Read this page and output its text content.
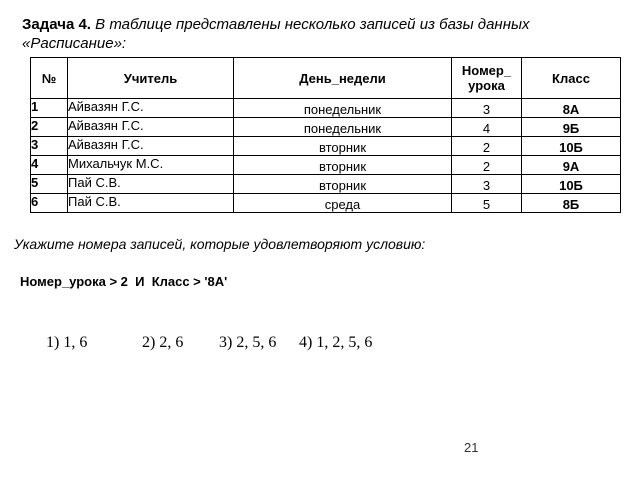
Задача 4. В таблице представлены несколько записей из базы данных «Расписание»:
№	Учитель	День_недели	Номер_
урока	Класс
1	Айвазян Г.С.	понедельник	3	8А
2	Айвазян Г.С.	понедельник	4	9Б
3	Айвазян Г.С.	вторник	2	10Б
4	Михальчук М.С.	вторник	2	9А
5	Пай С.В.	вторник	3	10Б
6	Пай С.В.	среда	5	8Б
Укажите номера записей, которые удовлетворяют условию:
Номер_урока > 2  И  Класс > '8А'
1) 1, 6	2) 2, 6 3) 2, 5, 6 4) 1, 2, 5, 6
21
